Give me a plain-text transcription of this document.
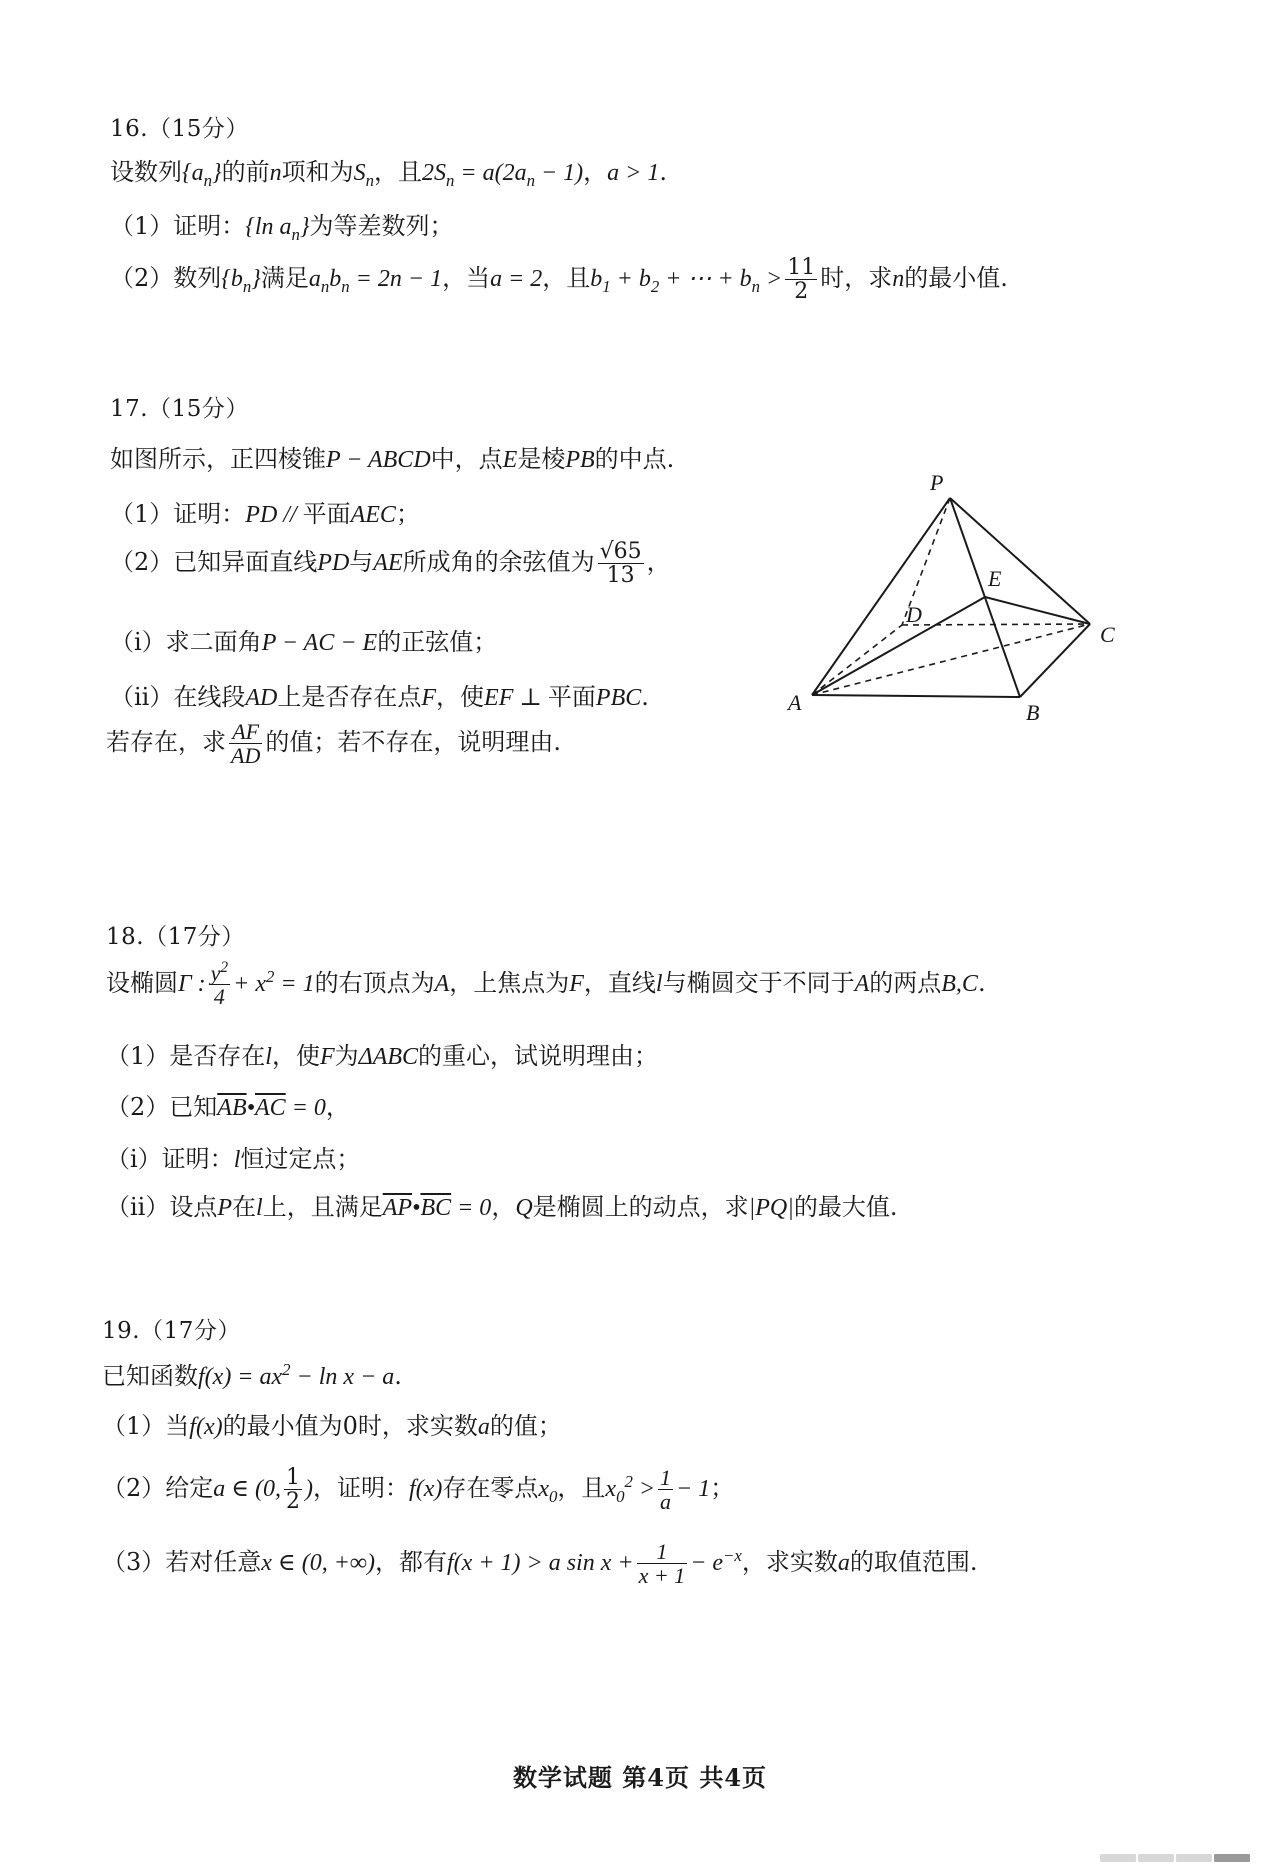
16.（15分）
设数列$\{a_n\}$的前n项和为$S_n$，且$2S_n = a(2a_n - 1)$，a > 1.
（1）证明：{ln $a_n$}为等差数列；
（2）数列$\{b_n\}$满足$a_nb_n = 2n - 1$，当a = 2，且$b_1 + b_2$ + ⋯ + $b_n > \frac{11}{2}$ 时，求n的最小值.
17.（15分）
如图所示，正四棱锥P − ABCD中，点E是棱PB的中点.
（1）证明：PD // 平面AEC；
（2）已知异面直线PD与AE所成角的余弦值为 $\frac{√65}{13}$ ，
（i）求二面角P − AC − E的正弦值；
（ii）在线段AD上是否存在点F，使EF ⊥ 平面PBC.
若存在，求 $\frac{AF}{AD}$ 的值；若不存在，说明理由.
P
A	B
C
D
E
18.（17分）
设椭圆Γ : $\frac{y^2}{4} + x^2 = 1$的右顶点为A，上焦点为F，直线l与椭圆交于不同于A的两点B,C.
（1）是否存在l，使F为ΔABC的重心，试说明理由；
（2）已知$\overline{AB}•\overline{AC} = 0$，
（i）证明：l恒过定点；
（ii）设点P在l上，且满足$\overline{AP}•\overline{BC} = 0$，Q是椭圆上的动点，求|PQ|的最大值.
19.（17分）
已知函数$f(x) = ax^2 - \ln x - a$.
（1）当f(x)的最小值为0时，求实数a的值；
（2）给定a ∈ (0, $\frac{1}{2}$ )，证明：f(x)存在零点$x_0$，且$x_0^2 > \frac{1}{a} - 1$；
（3）若对任意x ∈ (0, +∞)，都有f(x + 1) > a $\sin x + \frac{1}{x + 1} - e^{-x}$，求实数a的取值范围.
数学试题 第4页 共4页
